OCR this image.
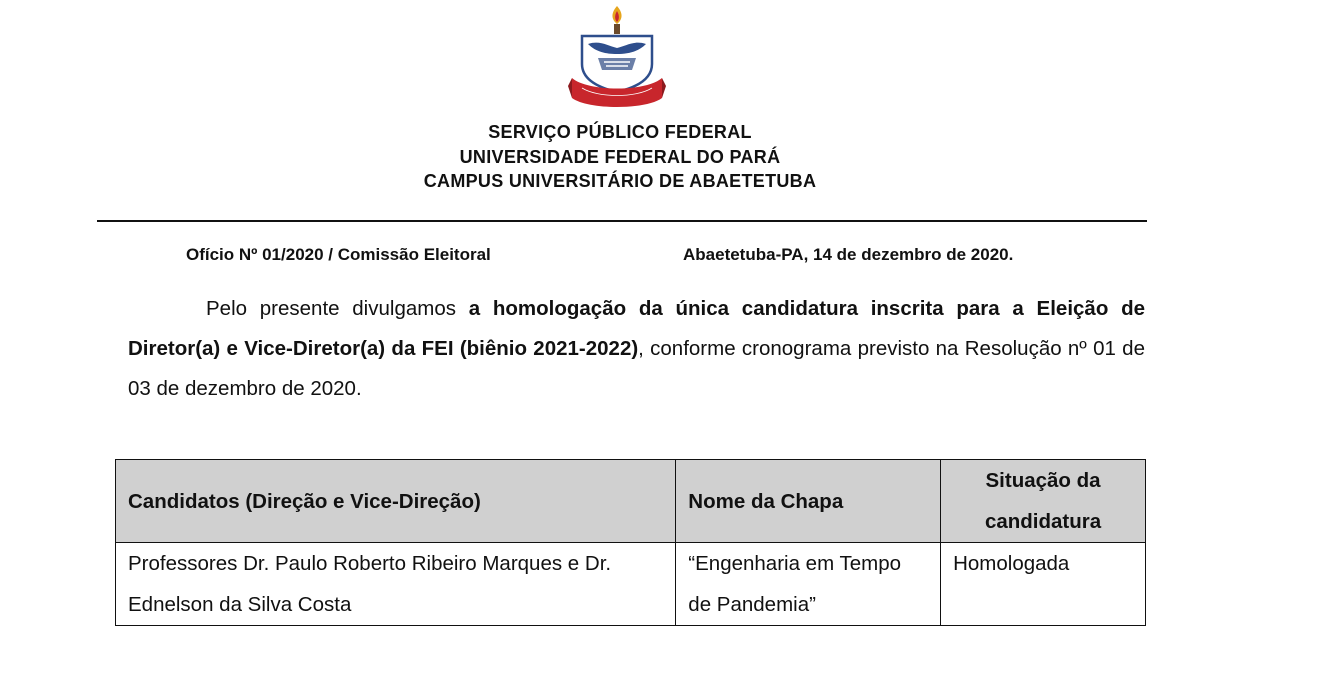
SERVIÇO PÚBLICO FEDERAL
UNIVERSIDADE FEDERAL DO PARÁ
CAMPUS UNIVERSITÁRIO DE ABAETETUBA
Ofício Nº 01/2020 / Comissão Eleitoral	Abaetetuba-PA, 14 de dezembro de 2020.

Pelo presente divulgamos a homologação da única candidatura inscrita para a Eleição de Diretor(a) e Vice-Diretor(a) da FEI (biênio 2021-2022), conforme cronograma previsto na Resolução nº 01 de 03 de dezembro de 2020.

Candidatos (Direção e Vice-Direção)	Nome da Chapa	Situação da candidatura
Professores Dr. Paulo Roberto Ribeiro Marques e Dr. Ednelson da Silva Costa	“Engenharia em Tempo de Pandemia”	Homologada
